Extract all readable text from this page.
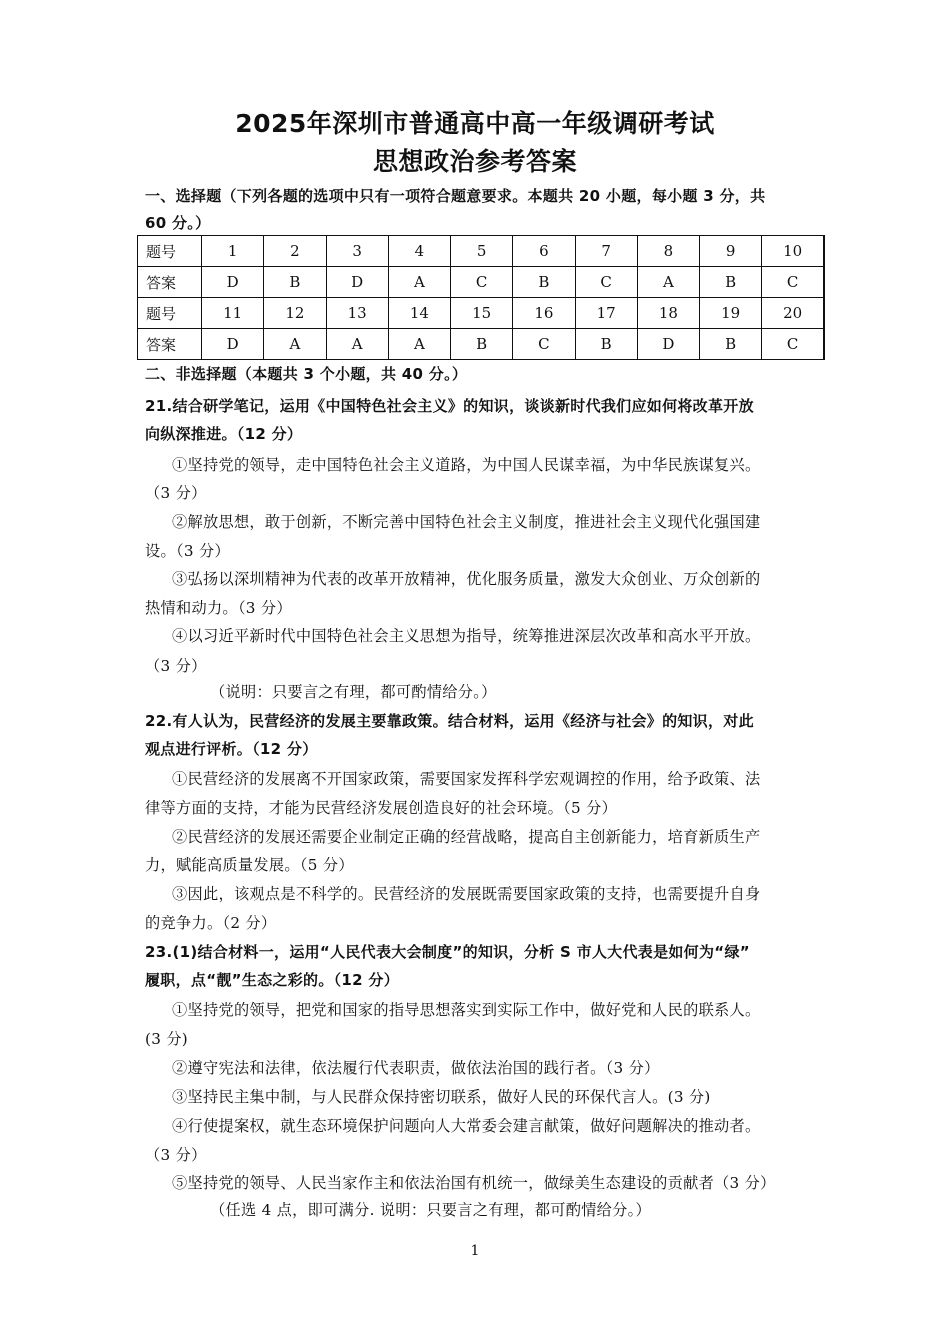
2025年深圳市普通高中高一年级调研考试
思想政治参考答案
一、选择题（下列各题的选项中只有一项符合题意要求。本题共 20 小题，每小题 3 分，共
60 分。）
题号	1	2	3	4	5	6	7	8	9	10
答案	D	B	D	A	C	B	C	A	B	C
题号	11	12	13	14	15	16	17	18	19	20
答案	D	A	A	A	B	C	B	D	B	C
二、非选择题（本题共 3 个小题，共 40 分。）
21.结合研学笔记，运用《中国特色社会主义》的知识，谈谈新时代我们应如何将改革开放
向纵深推进。（12 分）
①坚持党的领导，走中国特色社会主义道路，为中国人民谋幸福，为中华民族谋复兴。
（3 分）
②解放思想，敢于创新，不断完善中国特色社会主义制度，推进社会主义现代化强国建
设。（3 分）
③弘扬以深圳精神为代表的改革开放精神，优化服务质量，激发大众创业、万众创新的
热情和动力。（3 分）
④以习近平新时代中国特色社会主义思想为指导，统筹推进深层次改革和高水平开放。
（3 分）
（说明：只要言之有理，都可酌情给分。）
22.有人认为，民营经济的发展主要靠政策。结合材料，运用《经济与社会》的知识，对此
观点进行评析。（12 分）
①民营经济的发展离不开国家政策，需要国家发挥科学宏观调控的作用，给予政策、法
律等方面的支持，才能为民营经济发展创造良好的社会环境。（5 分）
②民营经济的发展还需要企业制定正确的经营战略，提高自主创新能力，培育新质生产
力，赋能高质量发展。（5 分）
③因此，该观点是不科学的。民营经济的发展既需要国家政策的支持，也需要提升自身
的竞争力。（2 分）
23.(1)结合材料一，运用“人民代表大会制度”的知识，分析 S 市人大代表是如何为“绿”
履职，点“靓”生态之彩的。（12 分）
①坚持党的领导，把党和国家的指导思想落实到实际工作中，做好党和人民的联系人。
(3 分)
②遵守宪法和法律，依法履行代表职责，做依法治国的践行者。（3 分）
③坚持民主集中制，与人民群众保持密切联系，做好人民的环保代言人。(3 分)
④行使提案权，就生态环境保护问题向人大常委会建言献策，做好问题解决的推动者。
（3 分）
⑤坚持党的领导、人民当家作主和依法治国有机统一，做绿美生态建设的贡献者（3 分）
（任选 4 点，即可满分. 说明：只要言之有理，都可酌情给分。）
1
